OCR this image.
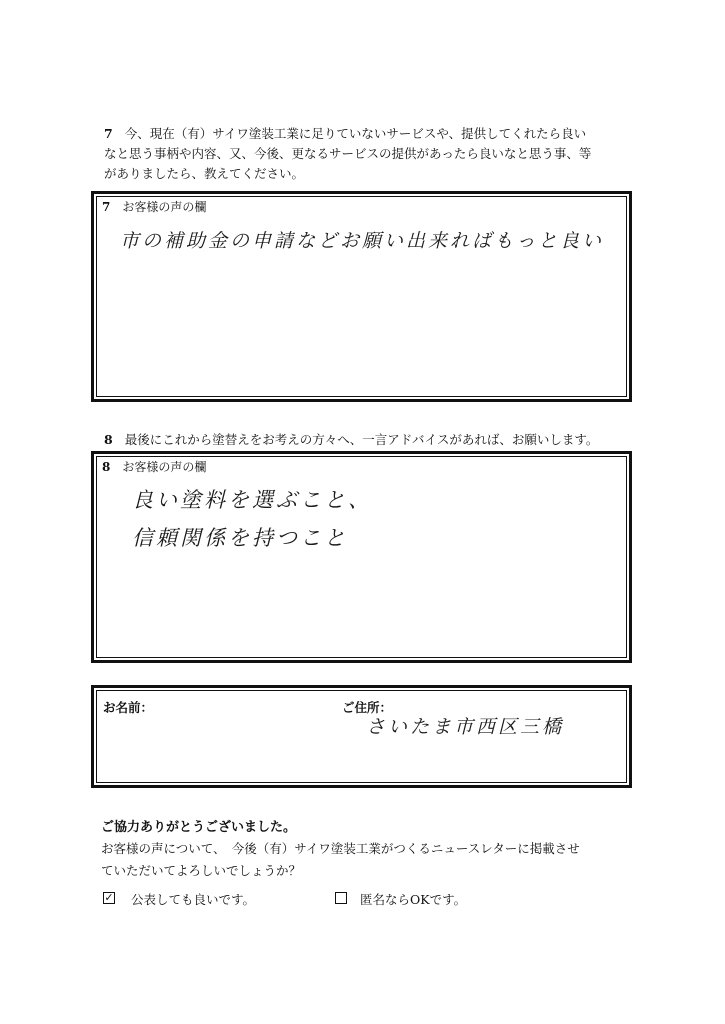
7 今、現在（有）サイワ塗装工業に足りていないサービスや、提供してくれたら良い
なと思う事柄や内容、又、今後、更なるサービスの提供があったら良いなと思う事、等
がありましたら、教えてください。
7 お客様の声の欄
市の補助金の申請などお願い出来ればもっと良い
8 最後にこれから塗替えをお考えの方々へ、一言アドバイスがあれば、お願いします。
8 お客様の声の欄
良い塗料を選ぶこと、
信頼関係を持つこと
お名前：	ご住所：
さいたま市西区三橋
ご協力ありがとうございました。
お客様の声について、　今後（有）サイワ塗装工業がつくるニュースレターに掲載させ
ていただいてよろしいでしょうか？
✓ 公表しても良いです。	匿名ならOKです。
